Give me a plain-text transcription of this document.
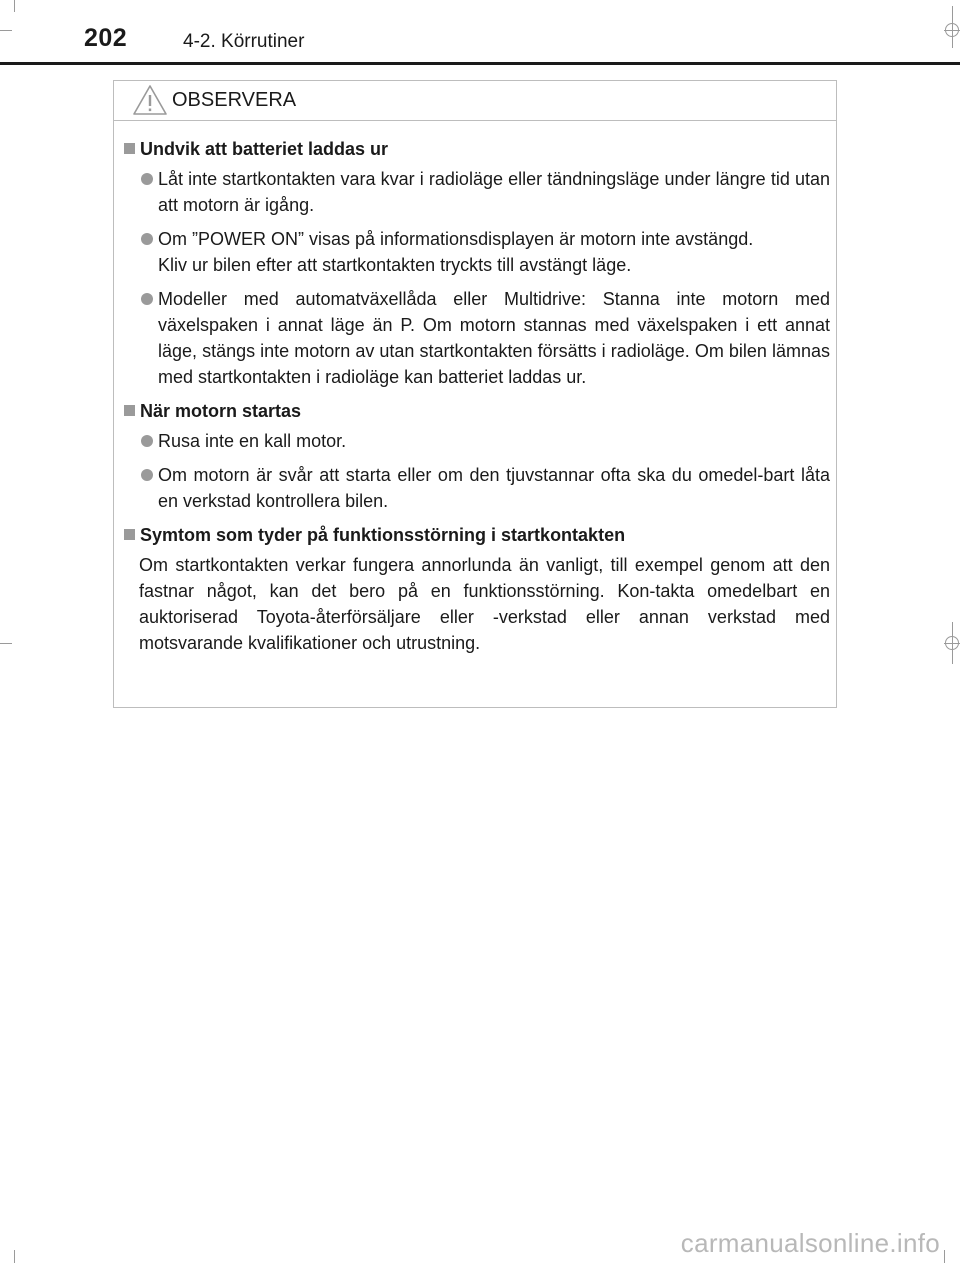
202	4-2. Körrutiner
OBSERVERA
Undvik att batteriet laddas ur
Låt inte startkontakten vara kvar i radioläge eller tändningsläge under längre tid utan att motorn är igång.
Om ”POWER ON” visas på informationsdisplayen är motorn inte avstängd.
Kliv ur bilen efter att startkontakten tryckts till avstängt läge.
Modeller med automatväxellåda eller Multidrive: Stanna inte motorn med växelspaken i annat läge än P. Om motorn stannas med växelspaken i ett annat läge, stängs inte motorn av utan startkontakten försätts i radioläge. Om bilen lämnas med startkontakten i radioläge kan batteriet laddas ur.
När motorn startas
Rusa inte en kall motor.
Om motorn är svår att starta eller om den tjuvstannar ofta ska du omedel-bart låta en verkstad kontrollera bilen.
Symtom som tyder på funktionsstörning i startkontakten
Om startkontakten verkar fungera annorlunda än vanligt, till exempel genom att den fastnar något, kan det bero på en funktionsstörning. Kon-takta omedelbart en auktoriserad Toyota-återförsäljare eller -verkstad eller annan verkstad med motsvarande kvalifikationer och utrustning.
carmanualsonline.info
